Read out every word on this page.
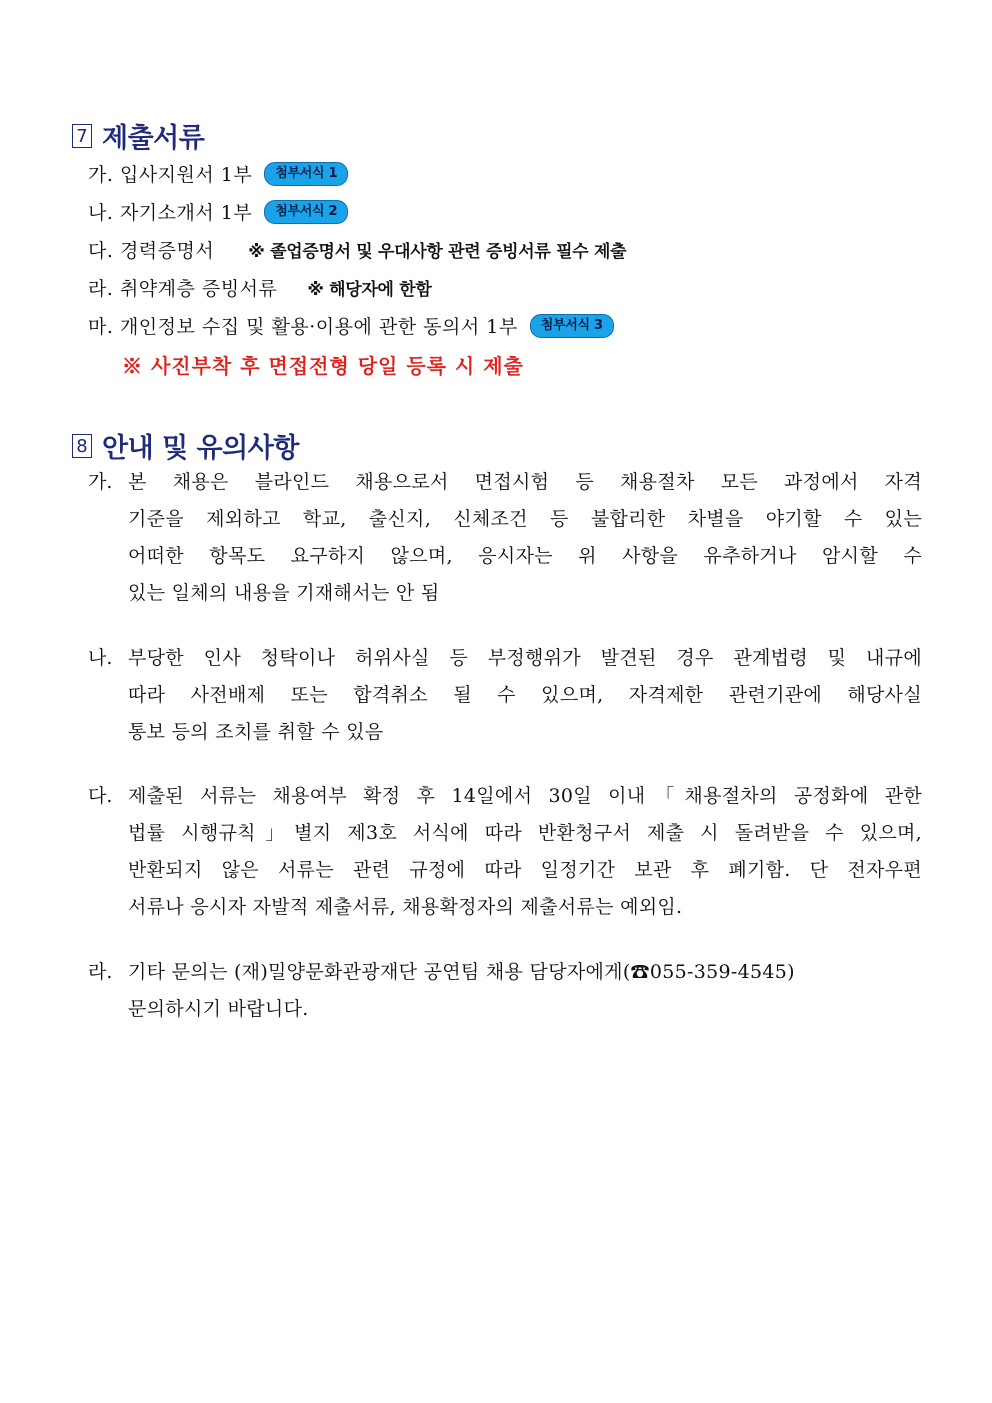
7 제출서류
가.
입사지원서 1부	첨부서식 1
나.
자기소개서 1부	첨부서식 2
다.
경력증명서 ※ 졸업증명서 및 우대사항 관련 증빙서류 필수 제출
라.
취약계층 증빙서류 ※ 해당자에 한함
마.
개인정보 수집 및 활용·이용에 관한 동의서 1부	첨부서식 3
※ 사진부착 후 면접전형 당일 등록 시 제출
8 안내 및 유의사항
가. 본 채용은 블라인드 채용으로서 면접시험 등 채용절차 모든 과정에서 자격
기준을 제외하고 학교, 출신지, 신체조건 등 불합리한 차별을 야기할 수 있는
어떠한 항목도 요구하지 않으며, 응시자는 위 사항을 유추하거나 암시할 수
있는 일체의 내용을 기재해서는 안 됨
나. 부당한 인사 청탁이나 허위사실 등 부정행위가 발견된 경우 관계법령 및 내규에
따라 사전배제 또는 합격취소 될 수 있으며, 자격제한 관련기관에 해당사실
통보 등의 조치를 취할 수 있음
다. 제출된 서류는 채용여부 확정 후 14일에서 30일 이내「채용절차의 공정화에 관한
법률 시행규칙」별지 제3호 서식에 따라 반환청구서 제출 시 돌려받을 수 있으며,
반환되지 않은 서류는 관련 규정에 따라 일정기간 보관 후 폐기함. 단 전자우편
서류나 응시자 자발적 제출서류, 채용확정자의 제출서류는 예외임.
라. 기타 문의는 (재)밀양문화관광재단 공연팀 채용 담당자에게(☎055-359-4545)
문의하시기 바랍니다.
